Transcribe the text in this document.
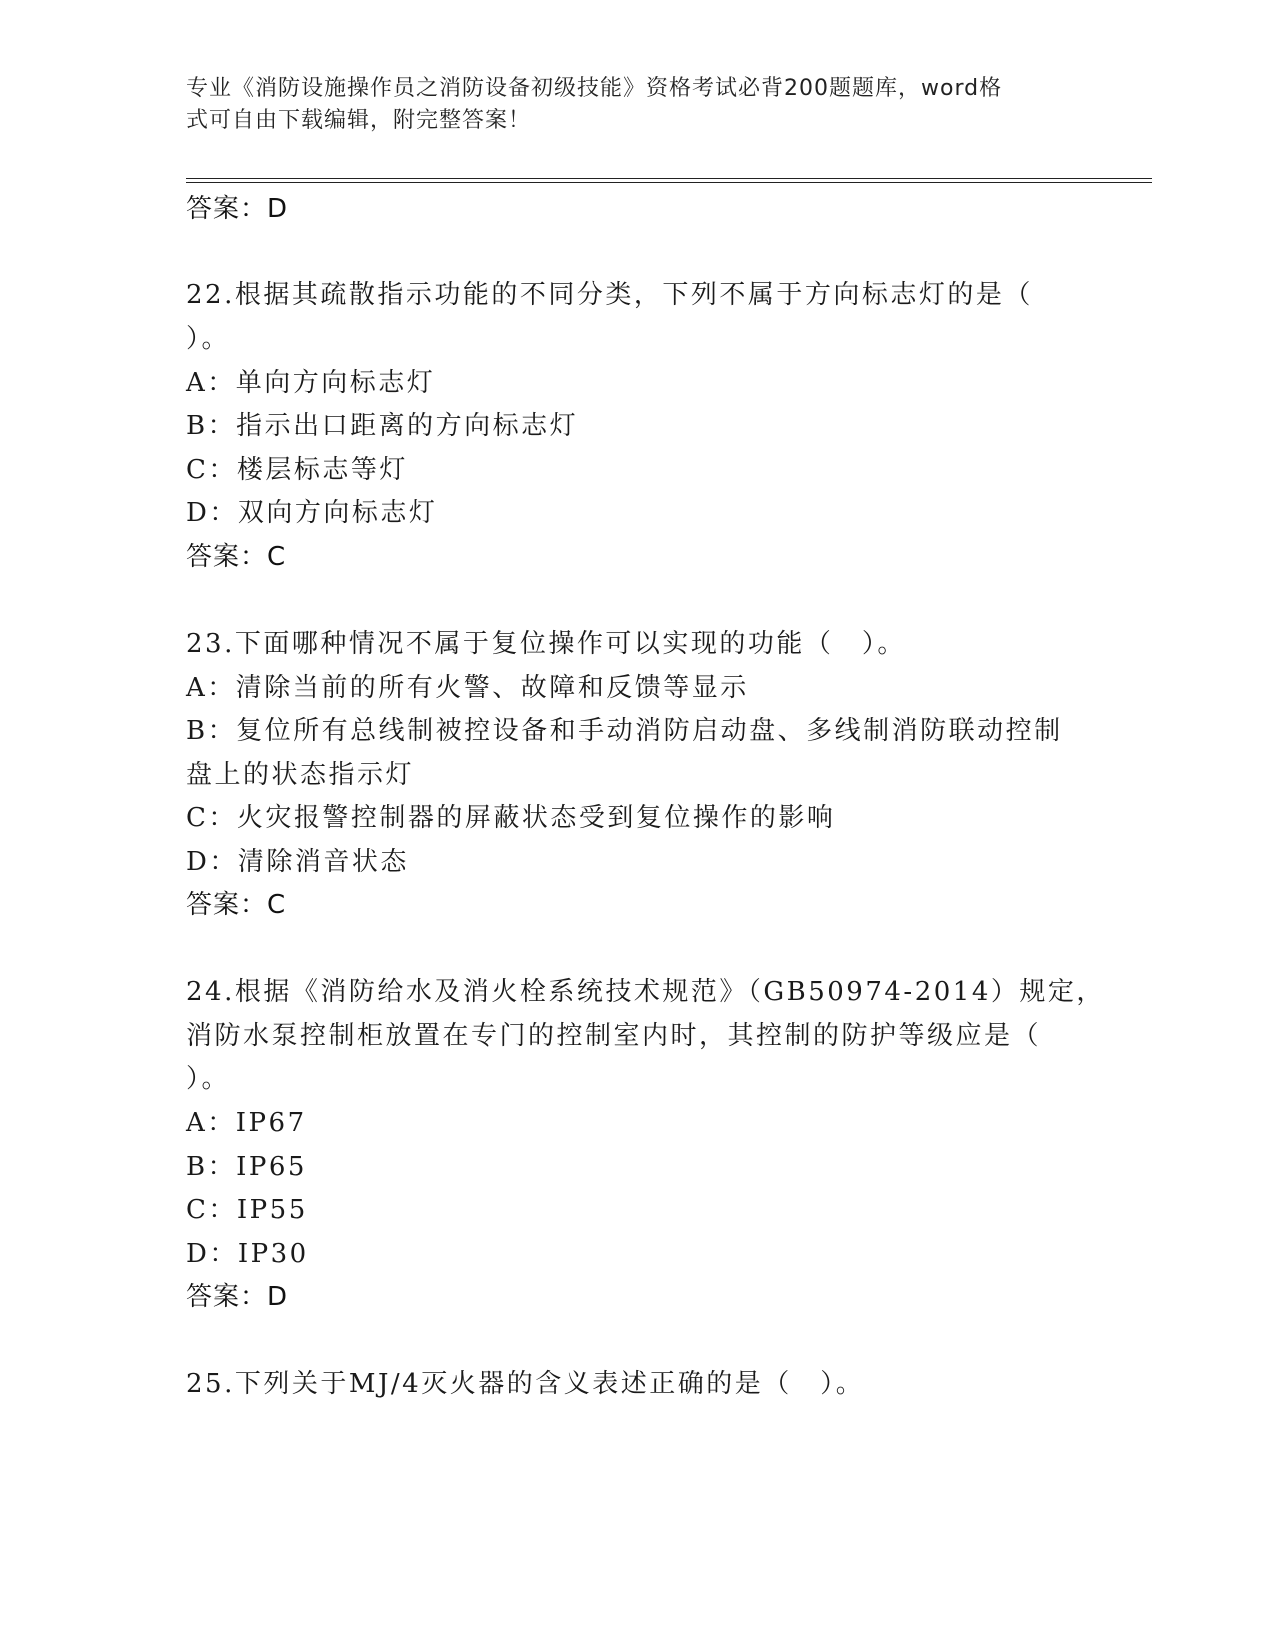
专业《消防设施操作员之消防设备初级技能》资格考试必背200题题库，word格
式可自由下载编辑，附完整答案！
答案：D
22.根据其疏散指示功能的不同分类，下列不属于方向标志灯的是（
）。
A：单向方向标志灯
B：指示出口距离的方向标志灯
C：楼层标志等灯
D：双向方向标志灯
答案：C
23.下面哪种情况不属于复位操作可以实现的功能（　）。
A：清除当前的所有火警、故障和反馈等显示
B：复位所有总线制被控设备和手动消防启动盘、多线制消防联动控制
盘上的状态指示灯
C：火灾报警控制器的屏蔽状态受到复位操作的影响
D：清除消音状态
答案：C
24.根据《消防给水及消火栓系统技术规范》（GB50974-2014）规定，
消防水泵控制柜放置在专门的控制室内时，其控制的防护等级应是（
）。
A：IP67
B：IP65
C：IP55
D：IP30
答案：D
25.下列关于MJ/4灭火器的含义表述正确的是（　）。
